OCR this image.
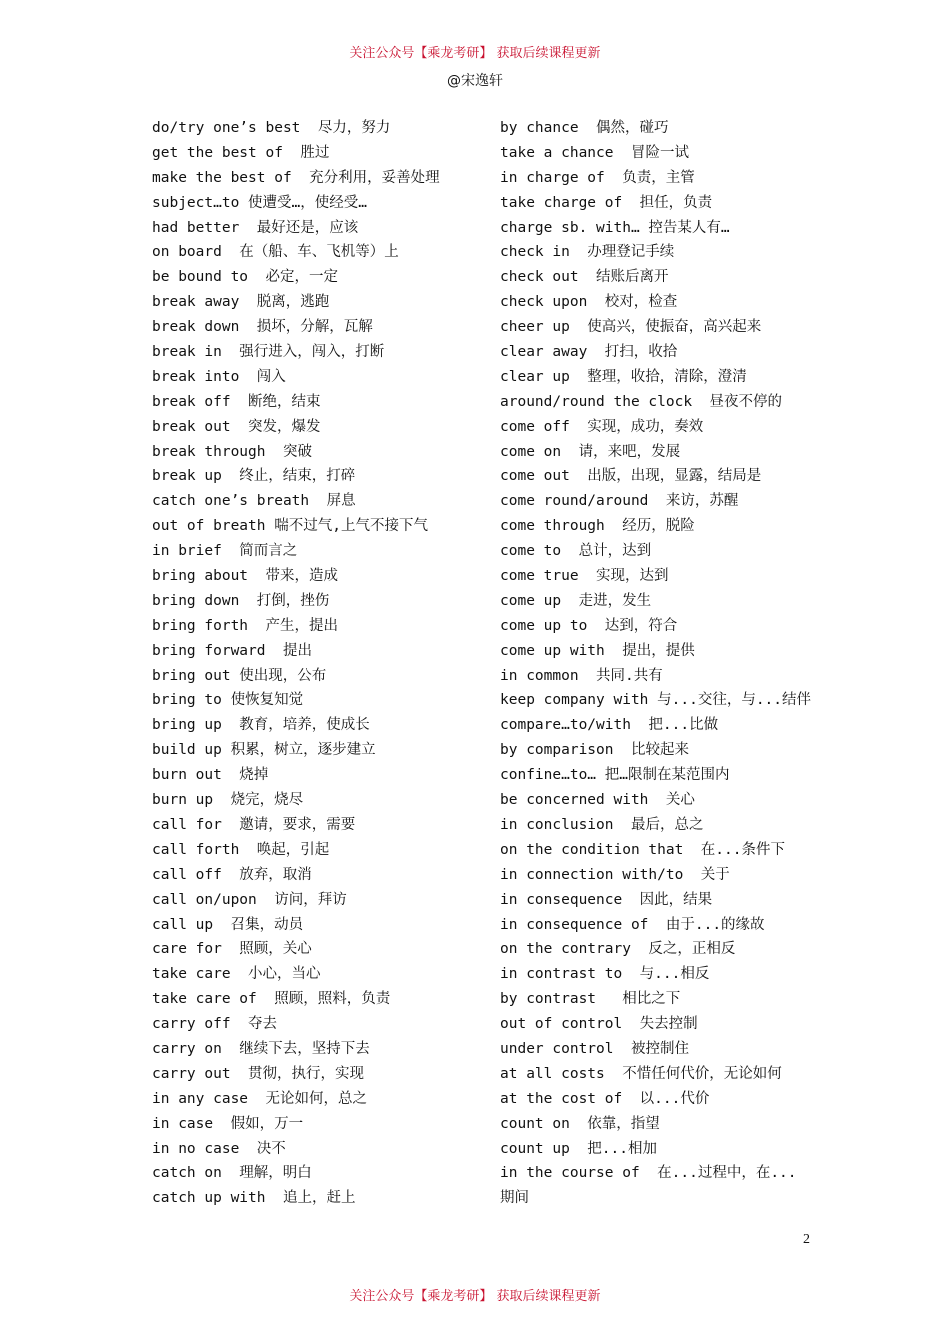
关注公众号【乘龙考研】 获取后续课程更新
@宋逸轩
do/try one’s best  尽力，努力
get the best of  胜过
make the best of  充分利用，妥善处理
subject…to 使遭受…，使经受…
had better  最好还是，应该
on board  在（船、车、飞机等）上
be bound to  必定，一定
break away  脱离，逃跑
break down  损坏，分解，瓦解
break in  强行进入，闯入，打断
break into  闯入
break off  断绝，结束
break out  突发，爆发
break through  突破
break up  终止，结束，打碎
catch one’s breath  屏息
out of breath 喘不过气,上气不接下气
in brief  简而言之
bring about  带来，造成
bring down  打倒，挫伤
bring forth  产生，提出
bring forward  提出
bring out 使出现，公布
bring to 使恢复知觉
bring up  教育，培养，使成长
build up 积累，树立，逐步建立
burn out  烧掉
burn up  烧完，烧尽
call for  邀请，要求，需要
call forth  唤起，引起
call off  放弃，取消
call on/upon  访问，拜访
call up  召集，动员
care for  照顾，关心
take care  小心，当心
take care of  照顾，照料，负责
carry off  夺去
carry on  继续下去，坚持下去
carry out  贯彻，执行，实现
in any case  无论如何，总之
in case  假如，万一
in no case  决不
catch on  理解，明白
catch up with  追上，赶上
by chance  偶然，碰巧
take a chance  冒险一试
in charge of  负责，主管
take charge of  担任，负责
charge sb. with… 控告某人有…
check in  办理登记手续
check out  结账后离开
check upon  校对，检查
cheer up  使高兴，使振奋，高兴起来
clear away  打扫，收拾
clear up  整理，收拾，清除，澄清
around/round the clock  昼夜不停的
come off  实现，成功，奏效
come on  请，来吧，发展
come out  出版，出现，显露，结局是
come round/around  来访，苏醒
come through  经历，脱险
come to  总计，达到
come true  实现，达到
come up  走进，发生
come up to  达到，符合
come up with  提出，提供
in common  共同.共有
keep company with 与...交往，与...结伴
compare…to/with  把...比做
by comparison  比较起来
confine…to… 把…限制在某范围内
be concerned with  关心
in conclusion  最后，总之
on the condition that  在...条件下
in connection with/to  关于
in consequence  因此，结果
in consequence of  由于...的缘故
on the contrary  反之，正相反
in contrast to  与...相反
by contrast   相比之下
out of control  失去控制
under control  被控制住
at all costs  不惜任何代价，无论如何
at the cost of  以...代价
count on  依靠，指望
count up  把...相加
in the course of  在...过程中，在...
期间
2
关注公众号【乘龙考研】 获取后续课程更新
